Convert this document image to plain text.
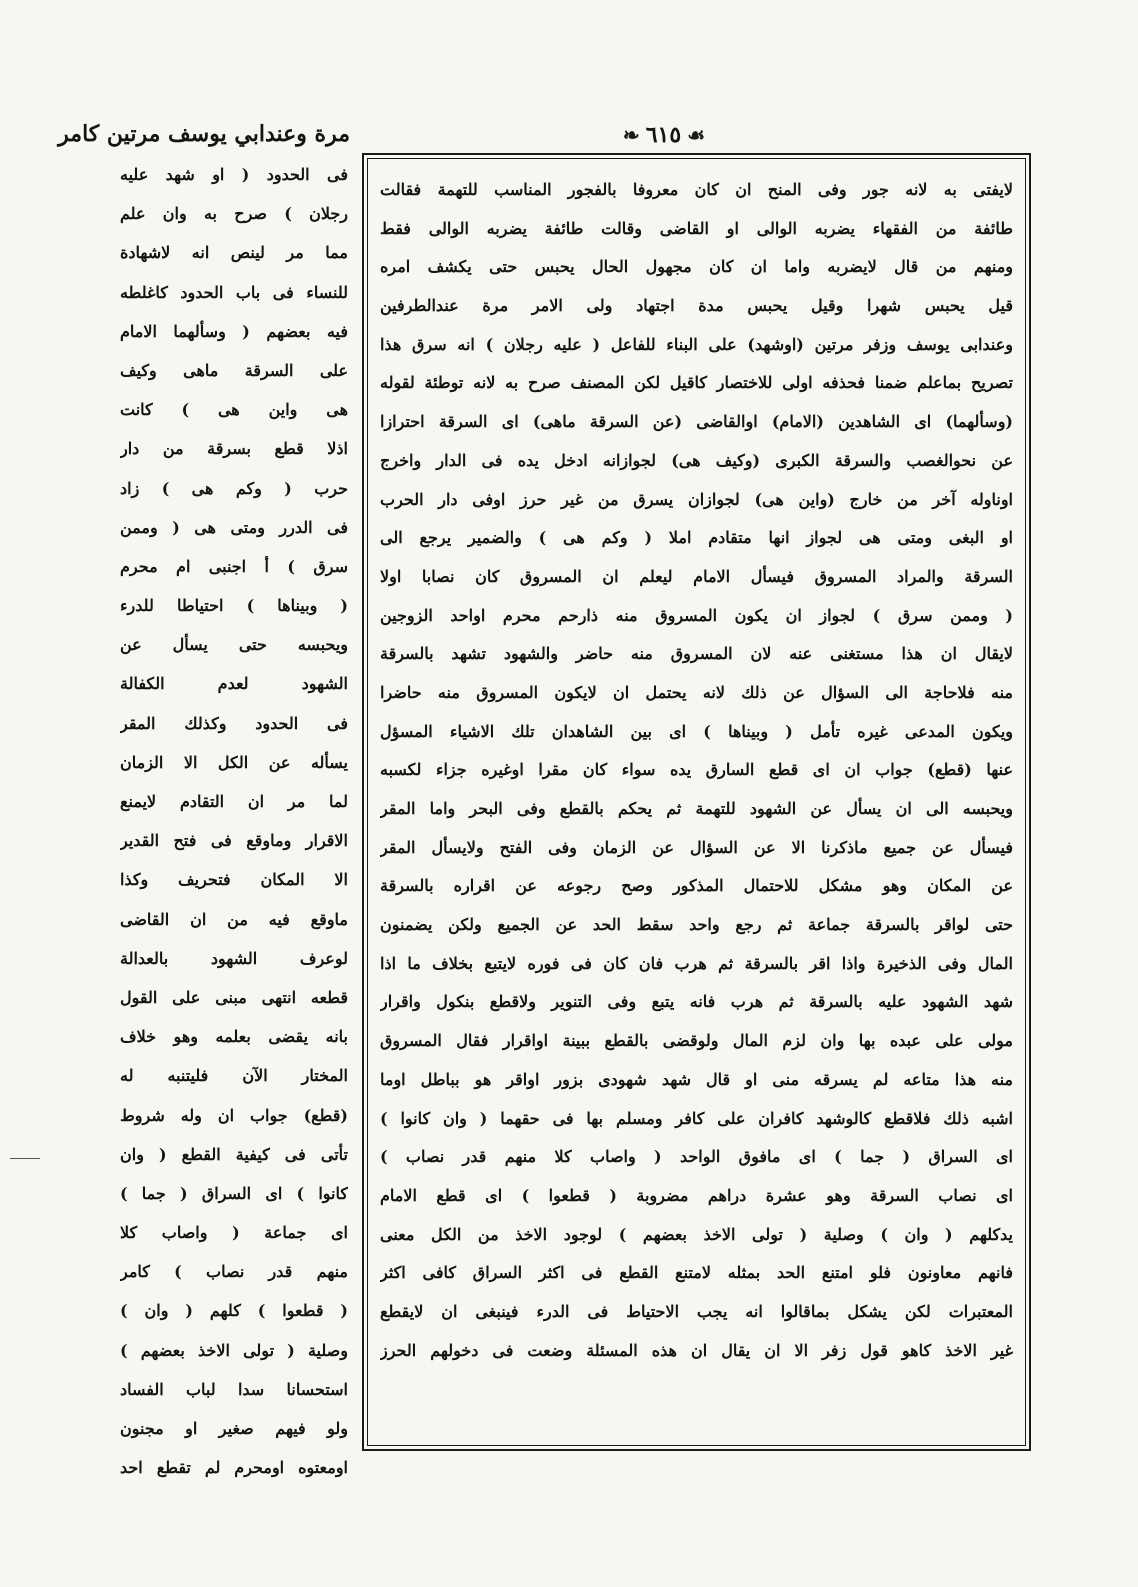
مرة وعندابي يوسف مرتين كامر	❧ ٦١٥ ☙
فى الحدود ( او شهد عليه
رجلان ) صرح به وان علم
مما مر لينص انه لاشهادة
للنساء فى باب الحدود كاغلطه
فيه بعضهم ( وسألهما الامام
على السرقة ماهى وكيف
هى واين هى ) كانت
اذلا قطع بسرقة من دار
حرب ( وكم هى ) زاد
فى الدرر ومتى هى ( وممن
سرق ) أ اجنبى ام محرم
( وبيناها ) احتياطا للدرء
ويحبسه حتى يسأل عن
الشهود لعدم الكفالة
فى الحدود وكذلك المقر
يسأله عن الكل الا الزمان
لما مر ان التقادم لايمنع
الاقرار وماوقع فى فتح القدير
الا المكان فتحريف وكذا
ماوقع فيه من ان القاضى
لوعرف الشهود بالعدالة
قطعه انتهى مبنى على القول
بانه يقضى بعلمه وهو خلاف
المختار الآن فليتنبه له
(قطع) جواب ان وله شروط
تأتى فى كيفية القطع ( وان
كانوا ) اى السراق ( جما )
اى جماعة ( واصاب كلا
منهم قدر نصاب ) كامر
( قطعوا ) كلهم ( وان )
وصلية ( تولى الاخذ بعضهم )
استحسانا سدا لباب الفساد
ولو فيهم صغير او مجنون
اومعتوه اومحرم لم تقطع احد
لايفتى به لانه جور وفى المنح ان كان معروفا بالفجور المناسب للتهمة فقالت
طائفة من الفقهاء يضربه الوالى او القاضى وقالت طائفة يضربه الوالى فقط
ومنهم من قال لايضربه واما ان كان مجهول الحال يحبس حتى يكشف امره
قيل يحبس شهرا وقيل يحبس مدة اجتهاد ولى الامر مرة عندالطرفين
وعندابى يوسف وزفر مرتين (اوشهد) على البناء للفاعل ( عليه رجلان ) انه سرق هذا
تصريح بماعلم ضمنا فحذفه اولى للاختصار كاقيل لكن المصنف صرح به لانه توطئة لقوله
(وسألهما) اى الشاهدين (الامام) اوالقاضى (عن السرقة ماهى) اى السرقة احترازا
عن نحوالغصب والسرقة الكبرى (وكيف هى) لجوازانه ادخل يده فى الدار واخرج
اوناوله آخر من خارج (واين هى) لجوازان يسرق من غير حرز اوفى دار الحرب
او البغى ومتى هى لجواز انها متقادم املا ( وكم هى ) والضمير يرجع الى
السرقة والمراد المسروق فيسأل الامام ليعلم ان المسروق كان نصابا اولا
( وممن سرق ) لجواز ان يكون المسروق منه ذارحم محرم اواحد الزوجين
لايقال ان هذا مستغنى عنه لان المسروق منه حاضر والشهود تشهد بالسرقة
منه فلاحاجة الى السؤال عن ذلك لانه يحتمل ان لايكون المسروق منه حاضرا
ويكون المدعى غيره تأمل ( وبيناها ) اى بين الشاهدان تلك الاشياء المسؤل
عنها (قطع) جواب ان اى قطع السارق يده سواء كان مقرا اوغيره جزاء لكسبه
ويحبسه الى ان يسأل عن الشهود للتهمة ثم يحكم بالقطع وفى البحر واما المقر
فيسأل عن جميع ماذكرنا الا عن السؤال عن الزمان وفى الفتح ولايسأل المقر
عن المكان وهو مشكل للاحتمال المذكور وصح رجوعه عن اقراره بالسرقة
حتى لواقر بالسرقة جماعة ثم رجع واحد سقط الحد عن الجميع ولكن يضمنون
المال وفى الذخيرة واذا اقر بالسرقة ثم هرب فان كان فى فوره لايتبع بخلاف ما اذا
شهد الشهود عليه بالسرقة ثم هرب فانه يتبع وفى التنوير ولاقطع بنكول واقرار
مولى على عبده بها وان لزم المال ولوقضى بالقطع ببينة اواقرار فقال المسروق
منه هذا متاعه لم يسرقه منى او قال شهد شهودى بزور اواقر هو بباطل اوما
اشبه ذلك فلاقطع كالوشهد كافران على كافر ومسلم بها فى حقهما ( وان كانوا )
اى السراق ( جما ) اى مافوق الواحد ( واصاب كلا منهم قدر نصاب )
اى نصاب السرقة وهو عشرة دراهم مضروبة ( قطعوا ) اى قطع الامام
يدكلهم ( وان ) وصلية ( تولى الاخذ بعضهم ) لوجود الاخذ من الكل معنى
فانهم معاونون فلو امتنع الحد بمثله لامتنع القطع فى اكثر السراق كافى اكثر
المعتبرات لكن يشكل بماقالوا انه يجب الاحتياط فى الدرء فينبغى ان لايقطع
غير الاخذ كاهو قول زفر الا ان يقال ان هذه المسئلة وضعت فى دخولهم الحرز
